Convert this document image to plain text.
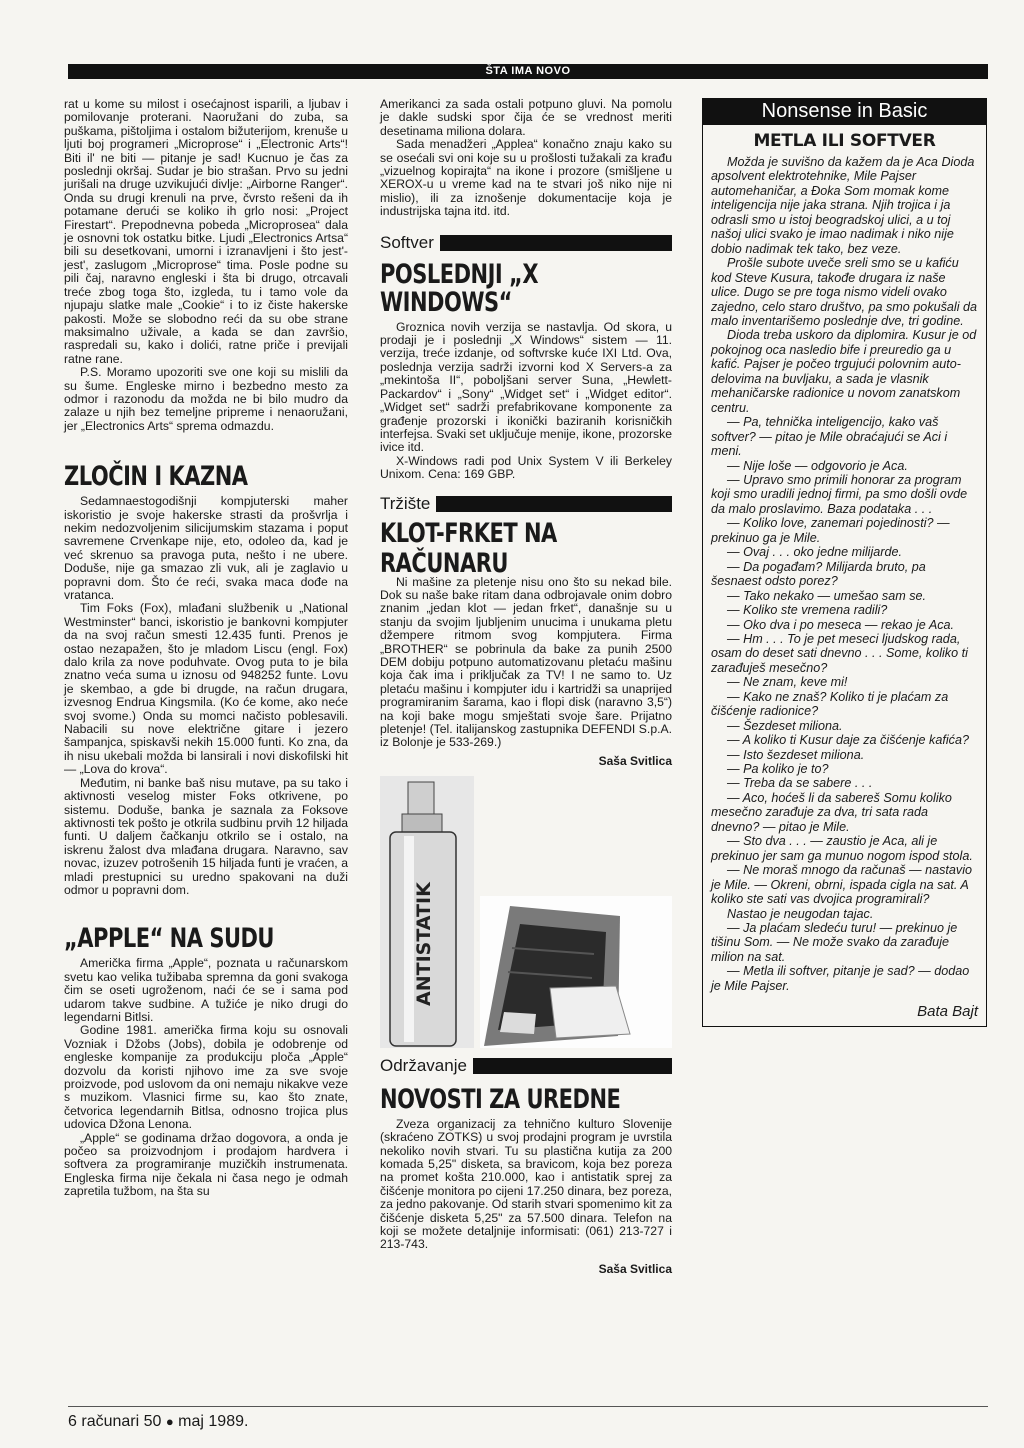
ŠTA IMA NOVO

rat u kome su milost i osećajnost isparili, a ljubav i pomilovanje proterani. Naoružani do zuba, sa puškama, pištoljima i ostalom bižuterijom, krenuše u ljuti boj programeri „Microprose“ i „Electronic Arts“! Biti il' ne biti — pitanje je sad! Kucnuo je čas za poslednji okršaj. Sudar je bio strašan. Prvo su jedni jurišali na druge uzvikujući divlje: „Airborne Ranger“. Onda su drugi krenuli na prve, čvrsto rešeni da ih potamane derući se koliko ih grlo nosi: „Project Firestart“. Prepodnevna pobeda „Microprosea“ dala je osnovni tok ostatku bitke. Ljudi „Electronics Artsa“ bili su desetkovani, umorni i izranavljeni i što jest'-jest', zaslugom „Microprose“ tima. Posle podne su pili čaj, naravno engleski i šta bi drugo, otrcavali treće zbog toga što, izgleda, tu i tamo vole da njupaju slatke male „Cookie“ i to iz čiste hakerske pakosti. Može se slobodno reći da su obe strane maksimalno uživale, a kada se dan završio, raspredali su, kako i dolići, ratne priče i previjali ratne rane.

P.S. Moramo upozoriti sve one koji su mislili da su šume. Engleske mirno i bezbedno mesto za odmor i razonodu da možda ne bi bilo mudro da zalaze u njih bez temeljne pripreme i nenaoružani, jer „Electronics Arts“ sprema odmazdu.

ZLOČIN I KAZNA

Sedamnaestogodišnji kompjuterski maher iskoristio je svoje hakerske strasti da prošvrlja i nekim nedozvoljenim silicijumskim stazama i poput savremene Crvenkape nije, eto, odoleo da, kad je već skrenuo sa pravoga puta, nešto i ne ubere. Doduše, nije ga smazao zli vuk, ali je zaglavio u popravni dom. Što će reći, svaka maca dođe na vratanca.

Tim Foks (Fox), mlađani službenik u „National Westminster“ banci, iskoristio je bankovni kompjuter da na svoj račun smesti 12.435 funti. Prenos je ostao nezapažen, što je mladom Liscu (engl. Fox) dalo krila za nove poduhvate. Ovog puta to je bila znatno veća suma u iznosu od 948252 funte. Lovu je skembao, a gde bi drugde, na račun drugara, izvesnog Endrua Kingsmila. (Ko će kome, ako neće svoj svome.) Onda su momci načisto poblesavili. Nabacili su nove električne gitare i jezero šampanjca, spiskavši nekih 15.000 funti. Ko zna, da ih nisu ukebali možda bi lansirali i novi diskofilski hit — „Lova do krova“.

Međutim, ni banke baš nisu mutave, pa su tako i aktivnosti veselog mister Foks otkrivene, po sistemu. Doduše, banka je saznala za Foksove aktivnosti tek pošto je otkrila sudbinu prvih 12 hiljada funti. U daljem čačkanju otkrilo se i ostalo, na iskrenu žalost dva mlađana drugara. Naravno, sav novac, izuzev potrošenih 15 hiljada funti je vraćen, a mladi prestupnici su uredno spakovani na duži odmor u popravni dom.

„APPLE“ NA SUDU

Američka firma „Apple“, poznata u računarskom svetu kao velika tužibaba spremna da goni svakoga čim se oseti ugroženom, naći će se i sama pod udarom takve sudbine. A tužiće je niko drugi do legendarni Bitlsi.

Godine 1981. američka firma koju su osnovali Vozniak i Džobs (Jobs), dobila je odobrenje od engleske kompanije za produkciju ploča „Apple“ dozvolu da koristi njihovo ime za sve svoje proizvode, pod uslovom da oni nemaju nikakve veze s muzikom. Vlasnici firme su, kao što znate, četvorica legendarnih Bitlsa, odnosno trojica plus udovica Džona Lenona.

„Apple“ se godinama držao dogovora, a onda je počeo sa proizvodnjom i prodajom hardvera i softvera za programiranje muzičkih instrumenata. Engleska firma nije čekala ni časa nego je odmah zapretila tužbom, na šta su

Amerikanci za sada ostali potpuno gluvi. Na pomolu je dakle sudski spor čija će se vrednost meriti desetinama miliona dolara.

Sada menadžeri „Applea“ konačno znaju kako su se osećali svi oni koje su u prošlosti tužakali za krađu „vizuelnog kopirajta“ na ikone i prozore (smišljene u XEROX-u u vreme kad na te stvari još niko nije ni mislio), ili za iznošenje dokumentacije koja je industrijska tajna itd. itd.

Softver
POSLEDNJI „X
WINDOWS“

Groznica novih verzija se nastavlja. Od skora, u prodaji je i poslednji „X Windows“ sistem — 11. verzija, treće izdanje, od softvrske kuće IXI Ltd. Ova, poslednja verzija sadrži izvorni kod X Servers-a za „mekintoša II“, pobolјšani server Suna, „Hewlett-Packardov“ i „Sony“ „Widget set“ i „Widget editor“. „Widget set“ sadrži prefabrikovane komponente za građenje prozorski i ikonički baziranih korisničkih interfejsa. Svaki set uključuje menije, ikone, prozorske ivice itd.

X-Windows radi pod Unix System V ili Berkeley Unixom. Cena: 169 GBP.

Tržište
KLOT-FRKET NA RAČUNARU

Ni mašine za pletenje nisu ono što su nekad bile. Dok su naše bake ritam dana odbrojavale onim dobro znanim „jedan klot — jedan frket“, današnje su u stanju da svojim ljubljenim unucima i unukama pletu džempere ritmom svog kompjutera. Firma „BROTHER“ se pobrinula da bake za punih 2500 DEM dobiju potpuno automatizovanu pletaću mašinu koja čak ima i priključak za TV! I ne samo to. Uz pletaću mašinu i kompjuter idu i kartridži sa unaprijed programiranim šarama, kao i flopi disk (naravno 3,5“) na koji bake mogu smještati svoje šare. Prijatno pletenje! (Tel. italijanskog zastupnika DEFENDI S.p.A. iz Bolonje je 533-269.)

Saša Svitlica
ANTISTATIK
Održavanje
NOVOSTI ZA UREDNE

Zveza organizacij za tehnično kulturo Slovenije (skraćeno ZOTKS) u svoj prodajni program je uvrstila nekoliko novih stvari. Tu su plastična kutija za 200 komada 5,25" disketa, sa bravicom, koja bez poreza na promet košta 210.000, kao i antistatik sprej za čišćenje monitora po cijeni 17.250 dinara, bez poreza, za jedno pakovanje. Od starih stvari spomenimo kit za čišćenje disketa 5,25" za 57.500 dinara. Telefon na koji se možete detaljnije informisati: (061) 213-727 i 213-743.

Saša Svitlica
Nonsense in Basic
METLA ILI SOFTVER

Možda je suvišno da kažem da je Aca Dioda apsolvent elektrotehnike, Mile Pajser automehaničar, a Đoka Som momak kome inteligencija nije jaka strana. Njih trojica i ja odrasli smo u istoj beogradskoj ulici, a u toj našoj ulici svako je imao nadimak i niko nije dobio nadimak tek tako, bez veze.

Prošle subote uveče sreli smo se u kafiću kod Steve Kusura, takođe drugara iz naše ulice. Dugo se pre toga nismo videli ovako zajedno, celo staro društvo, pa smo pokušali da malo inventarišemo poslednje dve, tri godine.

Dioda treba uskoro da diplomira. Kusur je od pokojnog oca nasledio bife i preuredio ga u kafić. Pajser je počeo trgujući polovnim auto-delovima na buvljaku, a sada je vlasnik mehaničarske radionice u novom zanatskom centru.

— Pa, tehnička inteligencijo, kako vaš softver? — pitao je Mile obraćajući se Aci i meni.

— Nije loše — odgovorio je Aca.

— Upravo smo primili honorar za program koji smo uradili jednoj firmi, pa smo došli ovde da malo proslavimo. Baza podataka . . .

— Koliko love, zanemari pojedinosti? — prekinuo ga je Mile.

— Ovaj . . . oko jedne milijarde.

— Da pogađam? Milijarda bruto, pa šesnaest odsto porez?

— Tako nekako — umešao sam se.

— Koliko ste vremena radili?

— Oko dva i po meseca — rekao je Aca.

— Hm . . . To je pet meseci ljudskog rada, osam do deset sati dnevno . . . Some, koliko ti zarađuješ mesečno?

— Ne znam, keve mi!

— Kako ne znaš? Koliko ti je plaćam za čišćenje radionice?

— Šezdeset miliona.

— A koliko ti Kusur daje za čišćenje kafića?

— Isto šezdeset miliona.

— Pa koliko je to?

— Treba da se sabere . . .

— Aco, hoćeš li da sabereš Somu koliko mesečno zarađuje za dva, tri sata rada dnevno? — pitao je Mile.

— Sto dva . . . — zaustio je Aca, ali je prekinuo jer sam ga munuo nogom ispod stola.

— Ne moraš mnogo da računaš — nastavio je Mile. — Okreni, obrni, ispada cigla na sat. A koliko ste sati vas dvojica programirali?

Nastao je neugodan tajac.

— Ja plaćam sledeću turu! — prekinuo je tišinu Som. — Ne može svako da zarađuje milion na sat.

— Metla ili softver, pitanje je sad? — dodao je Mile Pajser.

Bata Bajt
6 računari 50 ● maj 1989.
